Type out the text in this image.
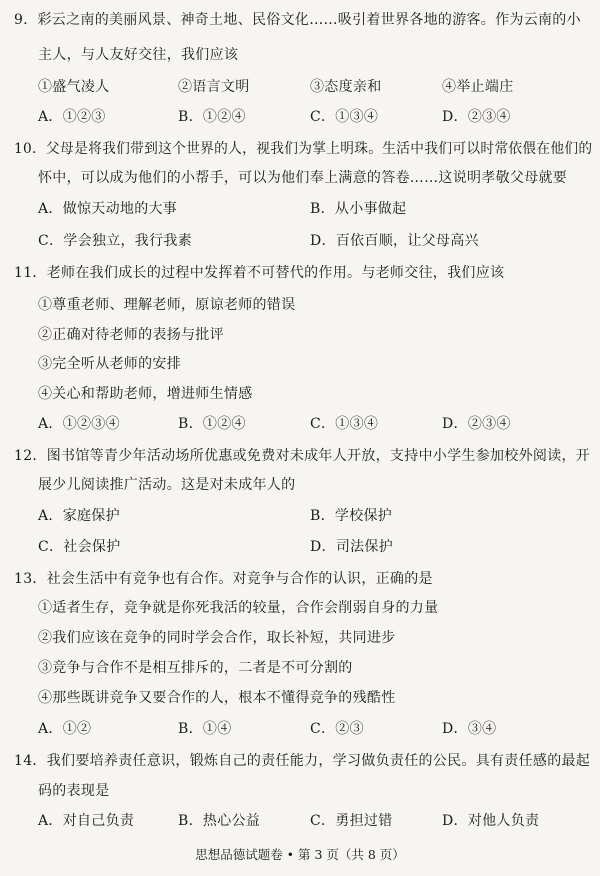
9．彩云之南的美丽风景、神奇土地、民俗文化……吸引着世界各地的游客。作为云南的小
主人，与人友好交往，我们应该
①盛气凌人	②语言文明	③态度亲和	④举止端庄
A．①②③	B．①②④	C．①③④	D．②③④
10．父母是将我们带到这个世界的人，视我们为掌上明珠。生活中我们可以时常依偎在他们的
怀中，可以成为他们的小帮手，可以为他们奉上满意的答卷……这说明孝敬父母就要
A．做惊天动地的大事	B．从小事做起
C．学会独立，我行我素	D．百依百顺，让父母高兴
11．老师在我们成长的过程中发挥着不可替代的作用。与老师交往，我们应该
①尊重老师、理解老师，原谅老师的错误
②正确对待老师的表扬与批评
③完全听从老师的安排
④关心和帮助老师，增进师生情感
A．①②③④	B．①②④	C．①③④	D．②③④
12．图书馆等青少年活动场所优惠或免费对未成年人开放，支持中小学生参加校外阅读，开
展少儿阅读推广活动。这是对未成年人的
A．家庭保护	B．学校保护
C．社会保护	D．司法保护
13．社会生活中有竞争也有合作。对竞争与合作的认识，正确的是
①适者生存，竞争就是你死我活的较量，合作会削弱自身的力量
②我们应该在竞争的同时学会合作，取长补短，共同进步
③竞争与合作不是相互排斥的，二者是不可分割的
④那些既讲竞争又要合作的人，根本不懂得竞争的残酷性
A．①②	B．①④	C．②③	D．③④
14．我们要培养责任意识，锻炼自己的责任能力，学习做负责任的公民。具有责任感的最起
码的表现是
A．对自己负责	B．热心公益	C．勇担过错	D．对他人负责
思想品德试题卷 • 第 3 页（共 8 页）
